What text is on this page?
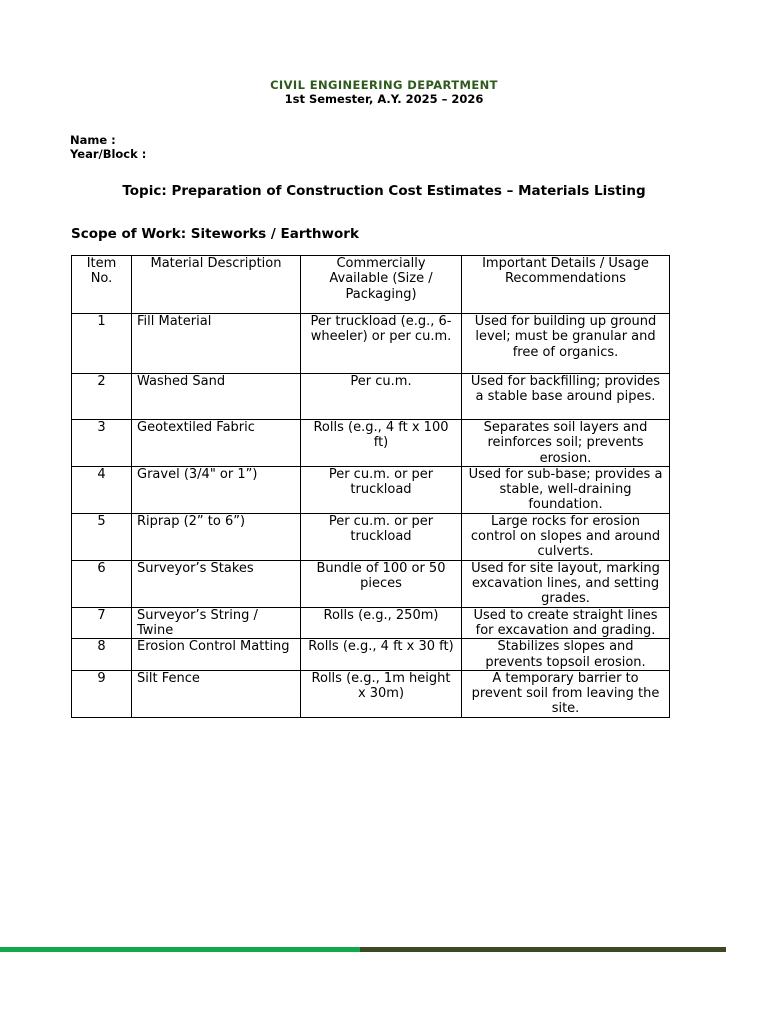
CIVIL ENGINEERING DEPARTMENT
1st Semester, A.Y. 2025 – 2026
Name :
Year/Block :
Topic: Preparation of Construction Cost Estimates – Materials Listing
Scope of Work: Siteworks / Earthwork
Item No.	Material Description	Commercially Available (Size / Packaging)	Important Details / Usage Recommendations
1	Fill Material	Per truckload (e.g., 6-wheeler) or per cu.m.	Used for building up ground level; must be granular and free of organics.
2	Washed Sand	Per cu.m.	Used for backfilling; provides a stable base around pipes.
3	Geotextiled Fabric	Rolls (e.g., 4 ft x 100 ft)	Separates soil layers and reinforces soil; prevents erosion.
4	Gravel (3/4" or 1”)	Per cu.m. or per truckload	Used for sub-base; provides a stable, well-draining foundation.
5	Riprap (2” to 6”)	Per cu.m. or per truckload	Large rocks for erosion control on slopes and around culverts.
6	Surveyor’s Stakes	Bundle of 100 or 50 pieces	Used for site layout, marking excavation lines, and setting grades.
7	Surveyor’s String / Twine	Rolls (e.g., 250m)	Used to create straight lines for excavation and grading.
8	Erosion Control Matting	Rolls (e.g., 4 ft x 30 ft)	Stabilizes slopes and prevents topsoil erosion.
9	Silt Fence	Rolls (e.g., 1m height x 30m)	A temporary barrier to prevent soil from leaving the site.
